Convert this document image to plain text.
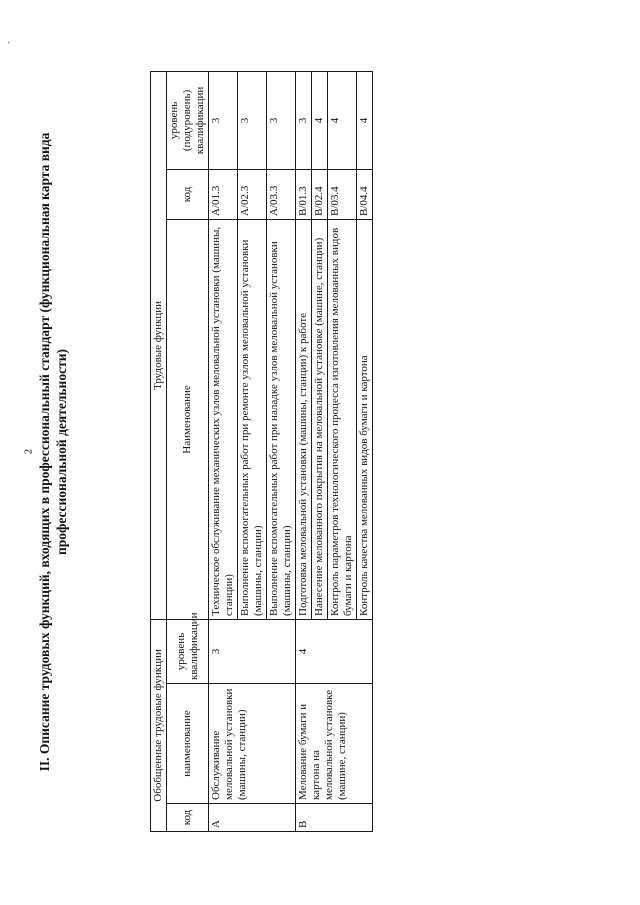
'
2 II. Описание трудовых функций, входящих в профессиональный стандарт (функциональная карта вида профессиональной деятельности)
Обобщенные трудовые функции			Трудовые функции		
код	наименование	уровень квалификации	Наименование	код	уровень (подуровень) квалификации
A	Обслуживание меловальной установки (машины, станции)	3	Техническое обслуживание механических узлов меловальной установки (машины, станции)	A/01.3	3
			Выполнение вспомогательных работ при ремонте узлов меловальной установки (машины, станции)	A/02.3	3
			Выполнение вспомогательных работ при наладке узлов меловальной установки (машины, станции)	A/03.3	3
B	Мелование бумаги и картона на меловальной установке (машине, станции)	4	Подготовка меловальной установки (машины, станции) к работе	B/01.3	3
			Нанесение мелованного покрытия на меловальной установке (машине, станции)	B/02.4	4
			Контроль параметров технологического процесса изготовления мелованных видов бумаги и картона	B/03.4	4
			Контроль качества мелованных видов бумаги и картона	B/04.4	4
